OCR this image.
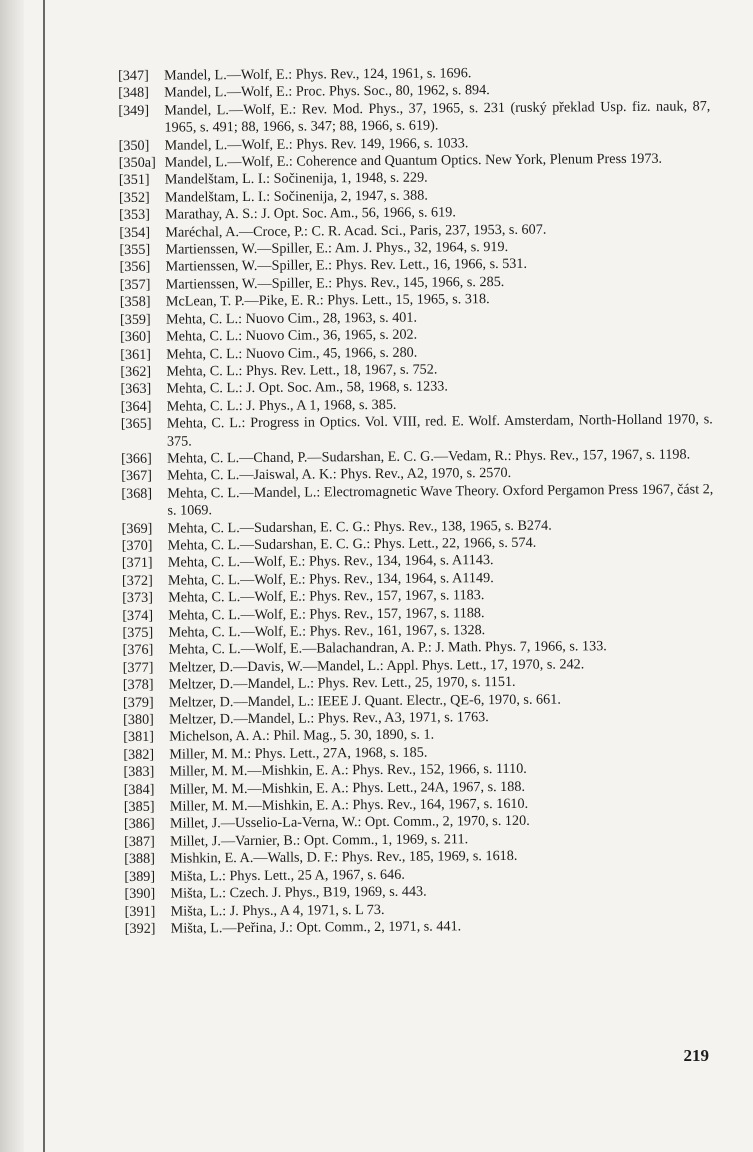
[347]	Mandel, L.—Wolf, E.: Phys. Rev., 124, 1961, s. 1696.
[348]	Mandel, L.—Wolf, E.: Proc. Phys. Soc., 80, 1962, s. 894.
[349]	Mandel, L.—Wolf, E.: Rev. Mod. Phys., 37, 1965, s. 231 (ruský překlad Usp. fiz. nauk, 87, 1965, s. 491; 88, 1966, s. 347; 88, 1966, s. 619).
[350]	Mandel, L.—Wolf, E.: Phys. Rev. 149, 1966, s. 1033.
[350a] Mandel, L.—Wolf, E.: Coherence and Quantum Optics. New York, Plenum Press 1973.
[351]	Mandelštam, L. I.: Sočinenija, 1, 1948, s. 229.
[352]	Mandelštam, L. I.: Sočinenija, 2, 1947, s. 388.
[353]	Marathay, A. S.: J. Opt. Soc. Am., 56, 1966, s. 619.
[354]	Maréchal, A.—Croce, P.: C. R. Acad. Sci., Paris, 237, 1953, s. 607.
[355]	Martienssen, W.—Spiller, E.: Am. J. Phys., 32, 1964, s. 919.
[356]	Martienssen, W.—Spiller, E.: Phys. Rev. Lett., 16, 1966, s. 531.
[357]	Martienssen, W.—Spiller, E.: Phys. Rev., 145, 1966, s. 285.
[358]	McLean, T. P.—Pike, E. R.: Phys. Lett., 15, 1965, s. 318.
[359]	Mehta, C. L.: Nuovo Cim., 28, 1963, s. 401.
[360]	Mehta, C. L.: Nuovo Cim., 36, 1965, s. 202.
[361]	Mehta, C. L.: Nuovo Cim., 45, 1966, s. 280.
[362]	Mehta, C. L.: Phys. Rev. Lett., 18, 1967, s. 752.
[363]	Mehta, C. L.: J. Opt. Soc. Am., 58, 1968, s. 1233.
[364]	Mehta, C. L.: J. Phys., A 1, 1968, s. 385.
[365]	Mehta, C. L.: Progress in Optics. Vol. VIII, red. E. Wolf. Amsterdam, North-Holland 1970, s. 375.
[366]	Mehta, C. L.—Chand, P.—Sudarshan, E. C. G.—Vedam, R.: Phys. Rev., 157, 1967, s. 1198.
[367]	Mehta, C. L.—Jaiswal, A. K.: Phys. Rev., A2, 1970, s. 2570.
[368]	Mehta, C. L.—Mandel, L.: Electromagnetic Wave Theory. Oxford Pergamon Press 1967, část 2, s. 1069.
[369]	Mehta, C. L.—Sudarshan, E. C. G.: Phys. Rev., 138, 1965, s. B274.
[370]	Mehta, C. L.—Sudarshan, E. C. G.: Phys. Lett., 22, 1966, s. 574.
[371]	Mehta, C. L.—Wolf, E.: Phys. Rev., 134, 1964, s. A1143.
[372]	Mehta, C. L.—Wolf, E.: Phys. Rev., 134, 1964, s. A1149.
[373]	Mehta, C. L.—Wolf, E.: Phys. Rev., 157, 1967, s. 1183.
[374]	Mehta, C. L.—Wolf, E.: Phys. Rev., 157, 1967, s. 1188.
[375]	Mehta, C. L.—Wolf, E.: Phys. Rev., 161, 1967, s. 1328.
[376]	Mehta, C. L.—Wolf, E.—Balachandran, A. P.: J. Math. Phys. 7, 1966, s. 133.
[377]	Meltzer, D.—Davis, W.—Mandel, L.: Appl. Phys. Lett., 17, 1970, s. 242.
[378]	Meltzer, D.—Mandel, L.: Phys. Rev. Lett., 25, 1970, s. 1151.
[379]	Meltzer, D.—Mandel, L.: IEEE J. Quant. Electr., QE-6, 1970, s. 661.
[380]	Meltzer, D.—Mandel, L.: Phys. Rev., A3, 1971, s. 1763.
[381]	Michelson, A. A.: Phil. Mag., 5. 30, 1890, s. 1.
[382]	Miller, M. M.: Phys. Lett., 27A, 1968, s. 185.
[383]	Miller, M. M.—Mishkin, E. A.: Phys. Rev., 152, 1966, s. 1110.
[384]	Miller, M. M.—Mishkin, E. A.: Phys. Lett., 24A, 1967, s. 188.
[385]	Miller, M. M.—Mishkin, E. A.: Phys. Rev., 164, 1967, s. 1610.
[386]	Millet, J.—Usselio-La-Verna, W.: Opt. Comm., 2, 1970, s. 120.
[387]	Millet, J.—Varnier, B.: Opt. Comm., 1, 1969, s. 211.
[388]	Mishkin, E. A.—Walls, D. F.: Phys. Rev., 185, 1969, s. 1618.
[389]	Mišta, L.: Phys. Lett., 25 A, 1967, s. 646.
[390]	Mišta, L.: Czech. J. Phys., B19, 1969, s. 443.
[391]	Mišta, L.: J. Phys., A 4, 1971, s. L 73.
[392]	Mišta, L.—Peřina, J.: Opt. Comm., 2, 1971, s. 441.
219
